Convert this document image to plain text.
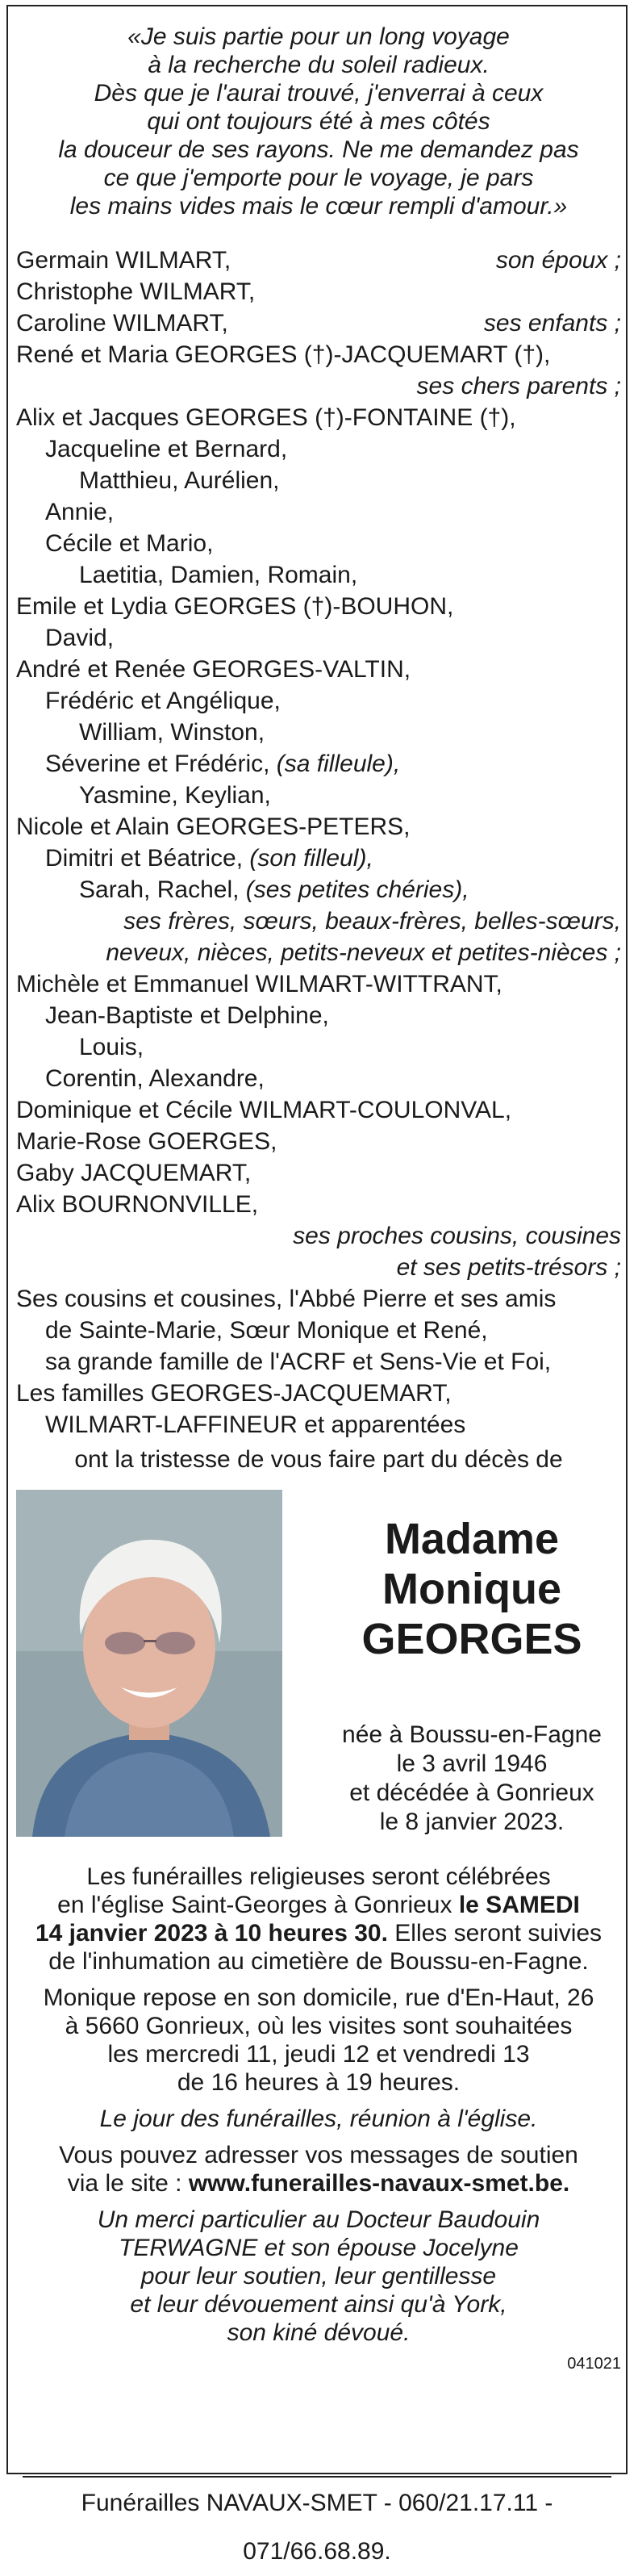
«Je suis partie pour un long voyage
à la recherche du soleil radieux.
Dès que je l'aurai trouvé, j'enverrai à ceux
qui ont toujours été à mes côtés
la douceur de ses rayons. Ne me demandez pas
ce que j'emporte pour le voyage, je pars
les mains vides mais le cœur rempli d'amour.»
Germain WILMART,	son époux ;
Christophe WILMART,
Caroline WILMART,	ses enfants ;
René et Maria GEORGES (†)-JACQUEMART (†),
ses chers parents ;
Alix et Jacques GEORGES (†)-FONTAINE (†),
Jacqueline et Bernard,
Matthieu, Aurélien,
Annie,
Cécile et Mario,
Laetitia, Damien, Romain,
Emile et Lydia GEORGES (†)-BOUHON,
David,
André et Renée GEORGES-VALTIN,
Frédéric et Angélique,
William, Winston,
Séverine et Frédéric, (sa filleule),
Yasmine, Keylian,
Nicole et Alain GEORGES-PETERS,
Dimitri et Béatrice, (son filleul),
Sarah, Rachel, (ses petites chéries),
ses frères, sœurs, beaux-frères, belles-sœurs,
neveux, nièces, petits-neveux et petites-nièces ;
Michèle et Emmanuel WILMART-WITTRANT,
Jean-Baptiste et Delphine,
Louis,
Corentin, Alexandre,
Dominique et Cécile WILMART-COULONVAL,
Marie-Rose GOERGES,
Gaby JACQUEMART,
Alix BOURNONVILLE,
ses proches cousins, cousines
et ses petits-trésors ;
Ses cousins et cousines, l'Abbé Pierre et ses amis
de Sainte-Marie, Sœur Monique et René,
sa grande famille de l'ACRF et Sens-Vie et Foi,
Les familles GEORGES-JACQUEMART,
WILMART-LAFFINEUR et apparentées
ont la tristesse de vous faire part du décès de
Madame
Monique
GEORGES
née à Boussu-en-Fagne
le 3 avril 1946
et décédée à Gonrieux
le 8 janvier 2023.

Les funérailles religieuses seront célébrées
en l'église Saint-Georges à Gonrieux le SAMEDI
14 janvier 2023 à 10 heures 30. Elles seront suivies
de l'inhumation au cimetière de Boussu-en-Fagne.

Monique repose en son domicile, rue d'En-Haut, 26
à 5660 Gonrieux, où les visites sont souhaitées
les mercredi 11, jeudi 12 et vendredi 13
de 16 heures à 19 heures.

Le jour des funérailles, réunion à l'église.

Vous pouvez adresser vos messages de soutien
via le site : www.funerailles-navaux-smet.be.

Un merci particulier au Docteur Baudouin
TERWAGNE et son épouse Jocelyne
pour leur soutien, leur gentillesse
et leur dévouement ainsi qu'à York,
son kiné dévoué.

041021
Funérailles NAVAUX-SMET - 060/21.17.11 - 071/66.68.89.
